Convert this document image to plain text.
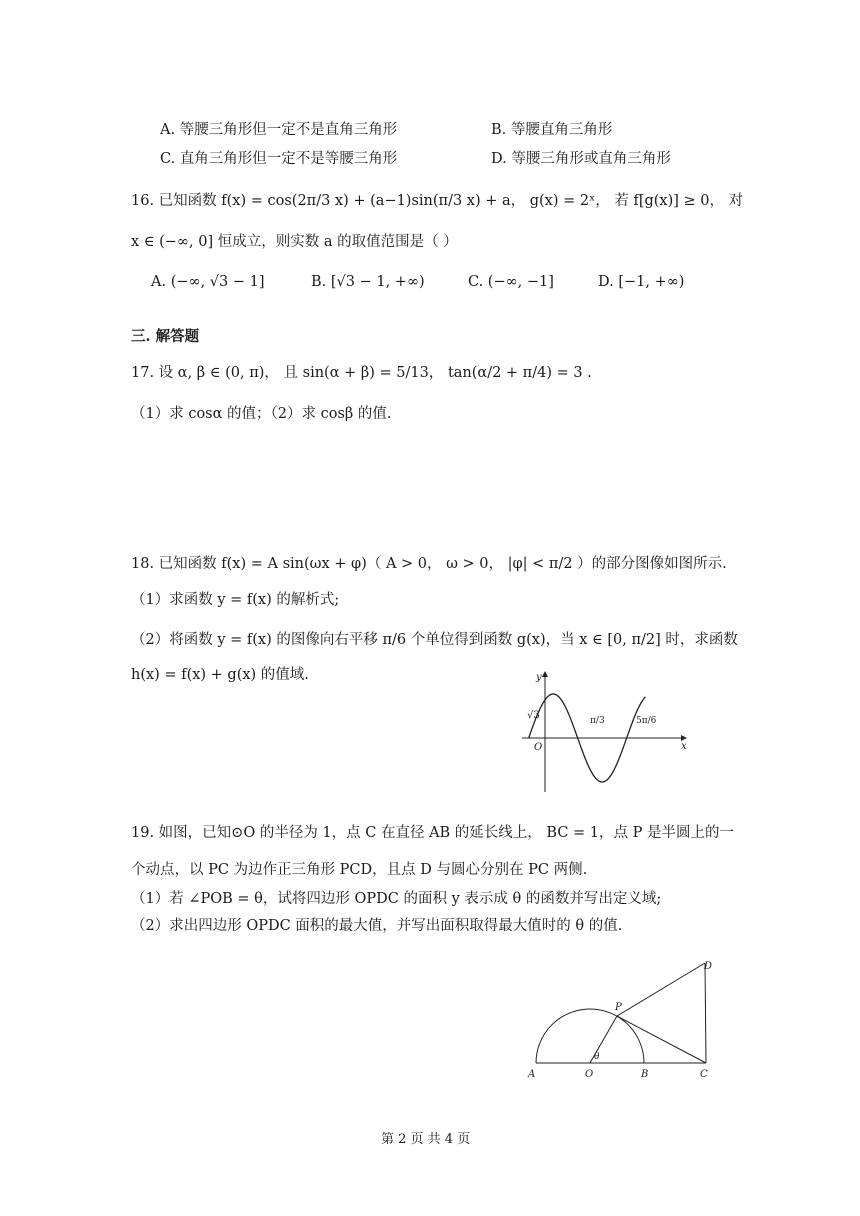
A. 等腰三角形但一定不是直角三角形	B. 等腰直角三角形
C. 直角三角形但一定不是等腰三角形	D. 等腰三角形或直角三角形
16. 已知函数 f(x) = cos(2π/3 x) + (a−1)sin(π/3 x) + a， g(x) = 2ˣ， 若 f[g(x)] ≥ 0， 对
x ∈ (−∞, 0] 恒成立，则实数 a 的取值范围是（ ）
A. (−∞, √3 − 1]	B. [√3 − 1, +∞)	C. (−∞, −1]	D. [−1, +∞)
三. 解答题
17. 设 α, β ∈ (0, π)， 且 sin(α + β) = 5/13， tan(α/2 + π/4) = 3 .
（1）求 cosα 的值；（2）求 cosβ 的值.
18. 已知函数 f(x) = A sin(ωx + φ)（ A > 0， ω > 0， |φ| < π/2 ）的部分图像如图所示.
（1）求函数 y = f(x) 的解析式;
（2）将函数 y = f(x) 的图像向右平移 π/6 个单位得到函数 g(x)，当 x ∈ [0, π/2] 时，求函数
h(x) = f(x) + g(x) 的值域.	y
x
O
√3	π/3	5π/6
19. 如图，已知⊙O 的半径为 1，点 C 在直径 AB 的延长线上， BC = 1，点 P 是半圆上的一
个动点，以 PC 为边作正三角形 PCD，且点 D 与圆心分别在 PC 两侧.
（1）若 ∠POB = θ，试将四边形 OPDC 的面积 y 表示成 θ 的函数并写出定义域;
（2）求出四边形 OPDC 面积的最大值，并写出面积取得最大值时的 θ 的值.
A	O	B	C
P
D
θ
第 2 页 共 4 页
